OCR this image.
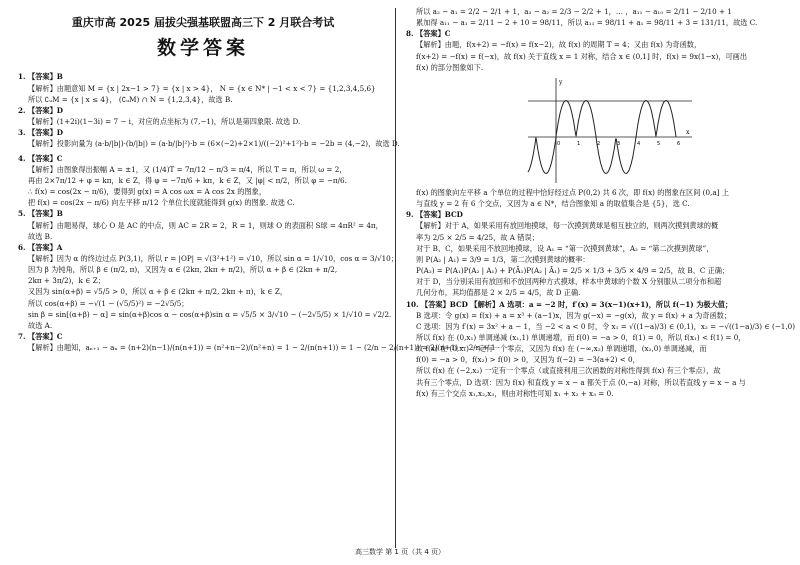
重庆市高 2025 届拔尖强基联盟高三下 2 月联合考试
数学答案
1. 【答案】B
【解析】由题意知 M = {x | 2x−1 > 7} = {x | x > 4}， N = {x ∈ N* | −1 < x < 7} = {1,2,3,4,5,6}
所以 ∁ᵤM = {x | x ≤ 4}， (∁ᵤM) ∩ N = {1,2,3,4}，故选 B.
2. 【答案】D
【解析】(1+2i)(1−3i) = 7 − i，对应的点坐标为 (7,−1)，所以是第四象限. 故选 D.
3. 【答案】D
【解析】投影向量为 (a·b/|b|)·(b/|b|) = (a·b/|b|²)·b = (6×(−2)+2×1)/((−2)²+1²)·b = −2b = (4,−2)，故选 D.
4. 【答案】C
【解析】由图象得出振幅 A = ±1，又 (1/4)T = 7π/12 − π/3 = π/4，所以 T = π，所以 ω = 2，
再由 2×7π/12 + φ = kπ，k ∈ Z，得 φ = −7π/6 + kπ，k ∈ Z，又 |φ| < π/2，所以 φ = −π/6.
∴ f(x) = cos(2x − π/6)，要得到 g(x) = A cos ωx = A cos 2x 的图象，
把 f(x) = cos(2x − π/6) 向左平移 π/12 个单位长度就能得到 g(x) 的图象. 故选 C.
5. 【答案】B
【解析】由题易得，球心 O 是 AC 的中点，则 AC = 2R = 2，R = 1，则球 O 的表面积 S球 = 4πR² = 4π，
故选 B.
6. 【答案】A
【解析】因为 α 的终边过点 P(3,1)，所以 r = |OP| = √(3²+1²) = √10，所以 sin α = 1/√10，cos α = 3/√10；
因为 β 为钝角，所以 β ∈ (π/2, π)，又因为 α ∈ (2kπ, 2kπ + π/2)，所以 α + β ∈ (2kπ + π/2,
2kπ + 3π/2)，k ∈ Z；
又因为 sin(α+β) = √5/5 > 0，所以 α + β ∈ (2kπ + π/2, 2kπ + π)，k ∈ Z，
所以 cos(α+β) = −√(1 − (√5/5)²) = −2√5/5；
sin β = sin[(α+β) − α] = sin(α+β)cos α − cos(α+β)sin α = √5/5 × 3/√10 − (−2√5/5) × 1/√10 = √2/2.
故选 A.
7. 【答案】C
【解析】由题知，aₙ₊₁ − aₙ = (n+2)(n−1)/(n(n+1)) = (n²+n−2)/(n²+n) = 1 − 2/(n(n+1)) = 1 − (2/n − 2/(n+1)) = 2/(n+1) − 2/n + 1
所以 a₂ − a₁ = 2/2 − 2/1 + 1，a₃ − a₂ = 2/3 − 2/2 + 1，… ，a₁₁ − a₁₀ = 2/11 − 2/10 + 1
累加得 a₁₁ − a₁ = 2/11 − 2 + 10 = 98/11，所以 a₁₁ = 98/11 + a₁ = 98/11 + 3 = 131/11，故选 C.
8. 【答案】C
【解析】由题，f(x+2) = −f(x) = f(x−2)，故 f(x) 的周期 T = 4；又由 f(x) 为奇函数，
f(x+2) = −f(x) = f(−x)，故 f(x) 关于直线 x = 1 对称，结合 x ∈ (0,1] 时，f(x) = 9x(1−x)，可画出
f(x) 的部分图象如下.
0	1	2	3	4	5	6
y
x
f(x) 的图象向左平移 a 个单位的过程中恰好经过点 P(0,2) 共 6 次，即 f(x) 的图象在区间 (0,a] 上
与直线 y = 2 有 6 个交点，又因为 a ∈ N*，结合图象知 a 的取值集合是 {5}，选 C.
9. 【答案】BCD
【解析】对于 A，如果采用有放回地摸球，每一次摸到黄球是相互独立的，则两次摸到黄球的概
率为 2/5 × 2/5 = 4/25，故 A 错误；
对于 B、C，如果采用不放回地摸球，设 A₁ = “第一次摸到黄球”，A₂ = “第二次摸到黄球”，
则 P(A₂ | A₁) = 3/9 = 1/3，第二次摸到黄球的概率：
P(A₂) = P(A₁)P(A₂ | A₁) + P(Ā₁)P(A₂ | Ā₁) = 2/5 × 1/3 + 3/5 × 4/9 = 2/5，故 B、C 正确；
对于 D，当分别采用有放回和不放回两种方式摸球，样本中黄球的个数 X 分别服从二项分布和超
几何分布，其均值都是 2 × 2/5 = 4/5，故 D 正确.
10. 【答案】BCD 【解析】A 选项：a = −2 时，f′(x) = 3(x−1)(x+1)，所以 f(−1) 为极大值；
B 选项：令 g(x) = f(x) + a = x³ + (a−1)x，因为 g(−x) = −g(x)，故 y = f(x) + a 为奇函数；
C 选项：因为 f′(x) = 3x² + a − 1，当 −2 < a < 0 时，令 x₁ = √((1−a)/3) ∈ (0,1)，x₂ = −√((1−a)/3) ∈ (−1,0)
所以 f(x) 在 (0,x₁) 单调递减 (x₁,1) 单调递增，而 f(0) = −a > 0，f(1) = 0，所以 f(x₁) < f(1) = 0，
故 f(x) 在 (0,x₁) 一定有一个零点，又因为 f(x) 在 (−∞,x₂) 单调递增，(x₂,0) 单调递减，而
f(0) = −a > 0，f(x₂) > f(0) > 0，又因为 f(−2) = −3(a+2) < 0，
所以 f(x) 在 (−2,x₂) 一定有一个零点（或直接利用三次函数的对称性得到 f(x) 有三个零点），故
共有三个零点，D 选项：因为 f(x) 和直线 y = x − a 都关于点 (0,−a) 对称，所以若直线 y = x − a 与
f(x) 有三个交点 x₁,x₂,x₃，则由对称性可知 x₁ + x₂ + x₃ = 0.
高三数学 第 1 页（共 4 页）
